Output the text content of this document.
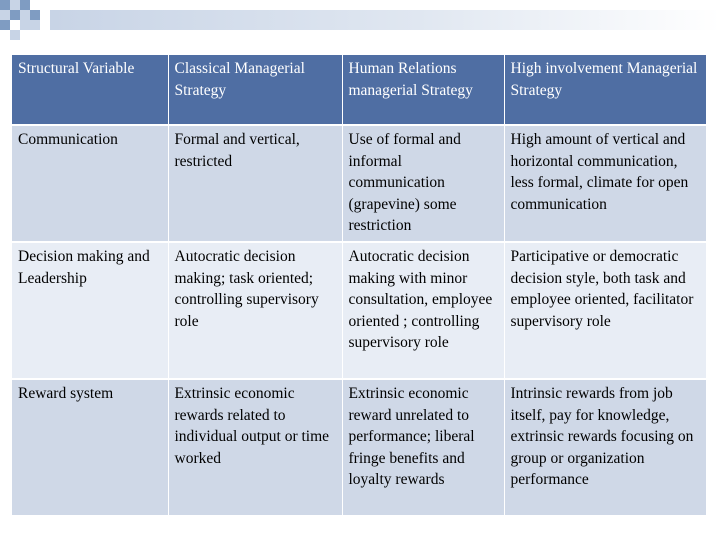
Structural Variable	Classical Managerial Strategy	Human Relations managerial Strategy	High involvement Managerial Strategy
Communication	Formal and vertical, restricted	Use of formal and informal communication (grapevine) some restriction	High amount of vertical and horizontal communication, less formal, climate for open communication
Decision making and Leadership	Autocratic decision making; task oriented; controlling supervisory role	Autocratic decision making with minor consultation, employee oriented ; controlling supervisory role	Participative or democratic decision style, both task and employee oriented, facilitator supervisory role
Reward system	Extrinsic economic rewards related to individual output or time worked	Extrinsic economic reward unrelated to performance; liberal fringe benefits and loyalty rewards	Intrinsic rewards from job itself, pay for knowledge, extrinsic rewards focusing on group or organization performance
